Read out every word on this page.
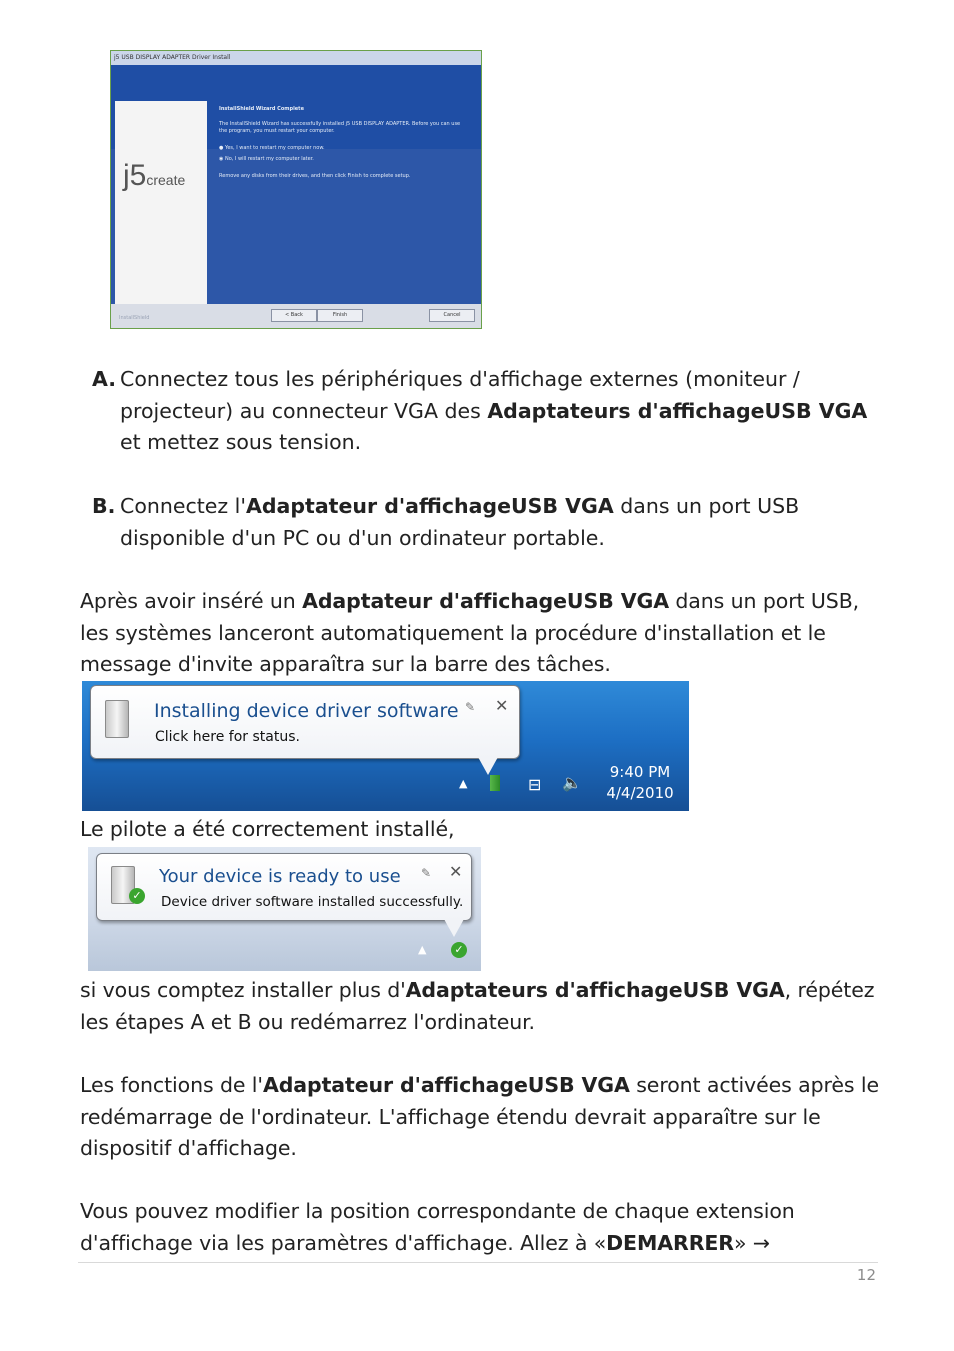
j5 USB DISPLAY ADAPTER Driver Install
j5create
InstallShield Wizard Complete
The InstallShield Wizard has successfully installed j5 USB DISPLAY ADAPTER. Before you can use the program, you must restart your computer.
● Yes, I want to restart my computer now.
◉ No, I will restart my computer later.
Remove any disks from their drives, and then click Finish to complete setup.
InstallShield	< Back	Finish	Cancel

A. Connectez tous les périphériques d'affichage externes (moniteur / projecteur) au connecteur VGA des Adaptateurs d'affichageUSB VGA et mettez sous tension.

B. Connectez l'Adaptateur d'affichageUSB VGA dans un port USB disponible d'un PC ou d'un ordinateur portable.

Après avoir inséré un Adaptateur d'affichageUSB VGA dans un port USB, les systèmes lanceront automatiquement la procédure d'installation et le message d'invite apparaîtra sur la barre des tâches.

Installing device driver software
Click here for status.
✎ ✕
▲	⊟ 🔈
9:40 PM
4/4/2010

Le pilote a été correctement installé,

✓
Your device is ready to use
Device driver software installed successfully.
✎ ✕
▲	✓

si vous comptez installer plus d'Adaptateurs d'affichageUSB VGA, répétez les étapes A et B ou redémarrez l'ordinateur.

Les fonctions de l'Adaptateur d'affichageUSB VGA seront activées après le redémarrage de l'ordinateur. L'affichage étendu devrait apparaître sur le dispositif d'affichage.

Vous pouvez modifier la position correspondante de chaque extension d'affichage via les paramètres d'affichage. Allez à «DEMARRER» →

12
